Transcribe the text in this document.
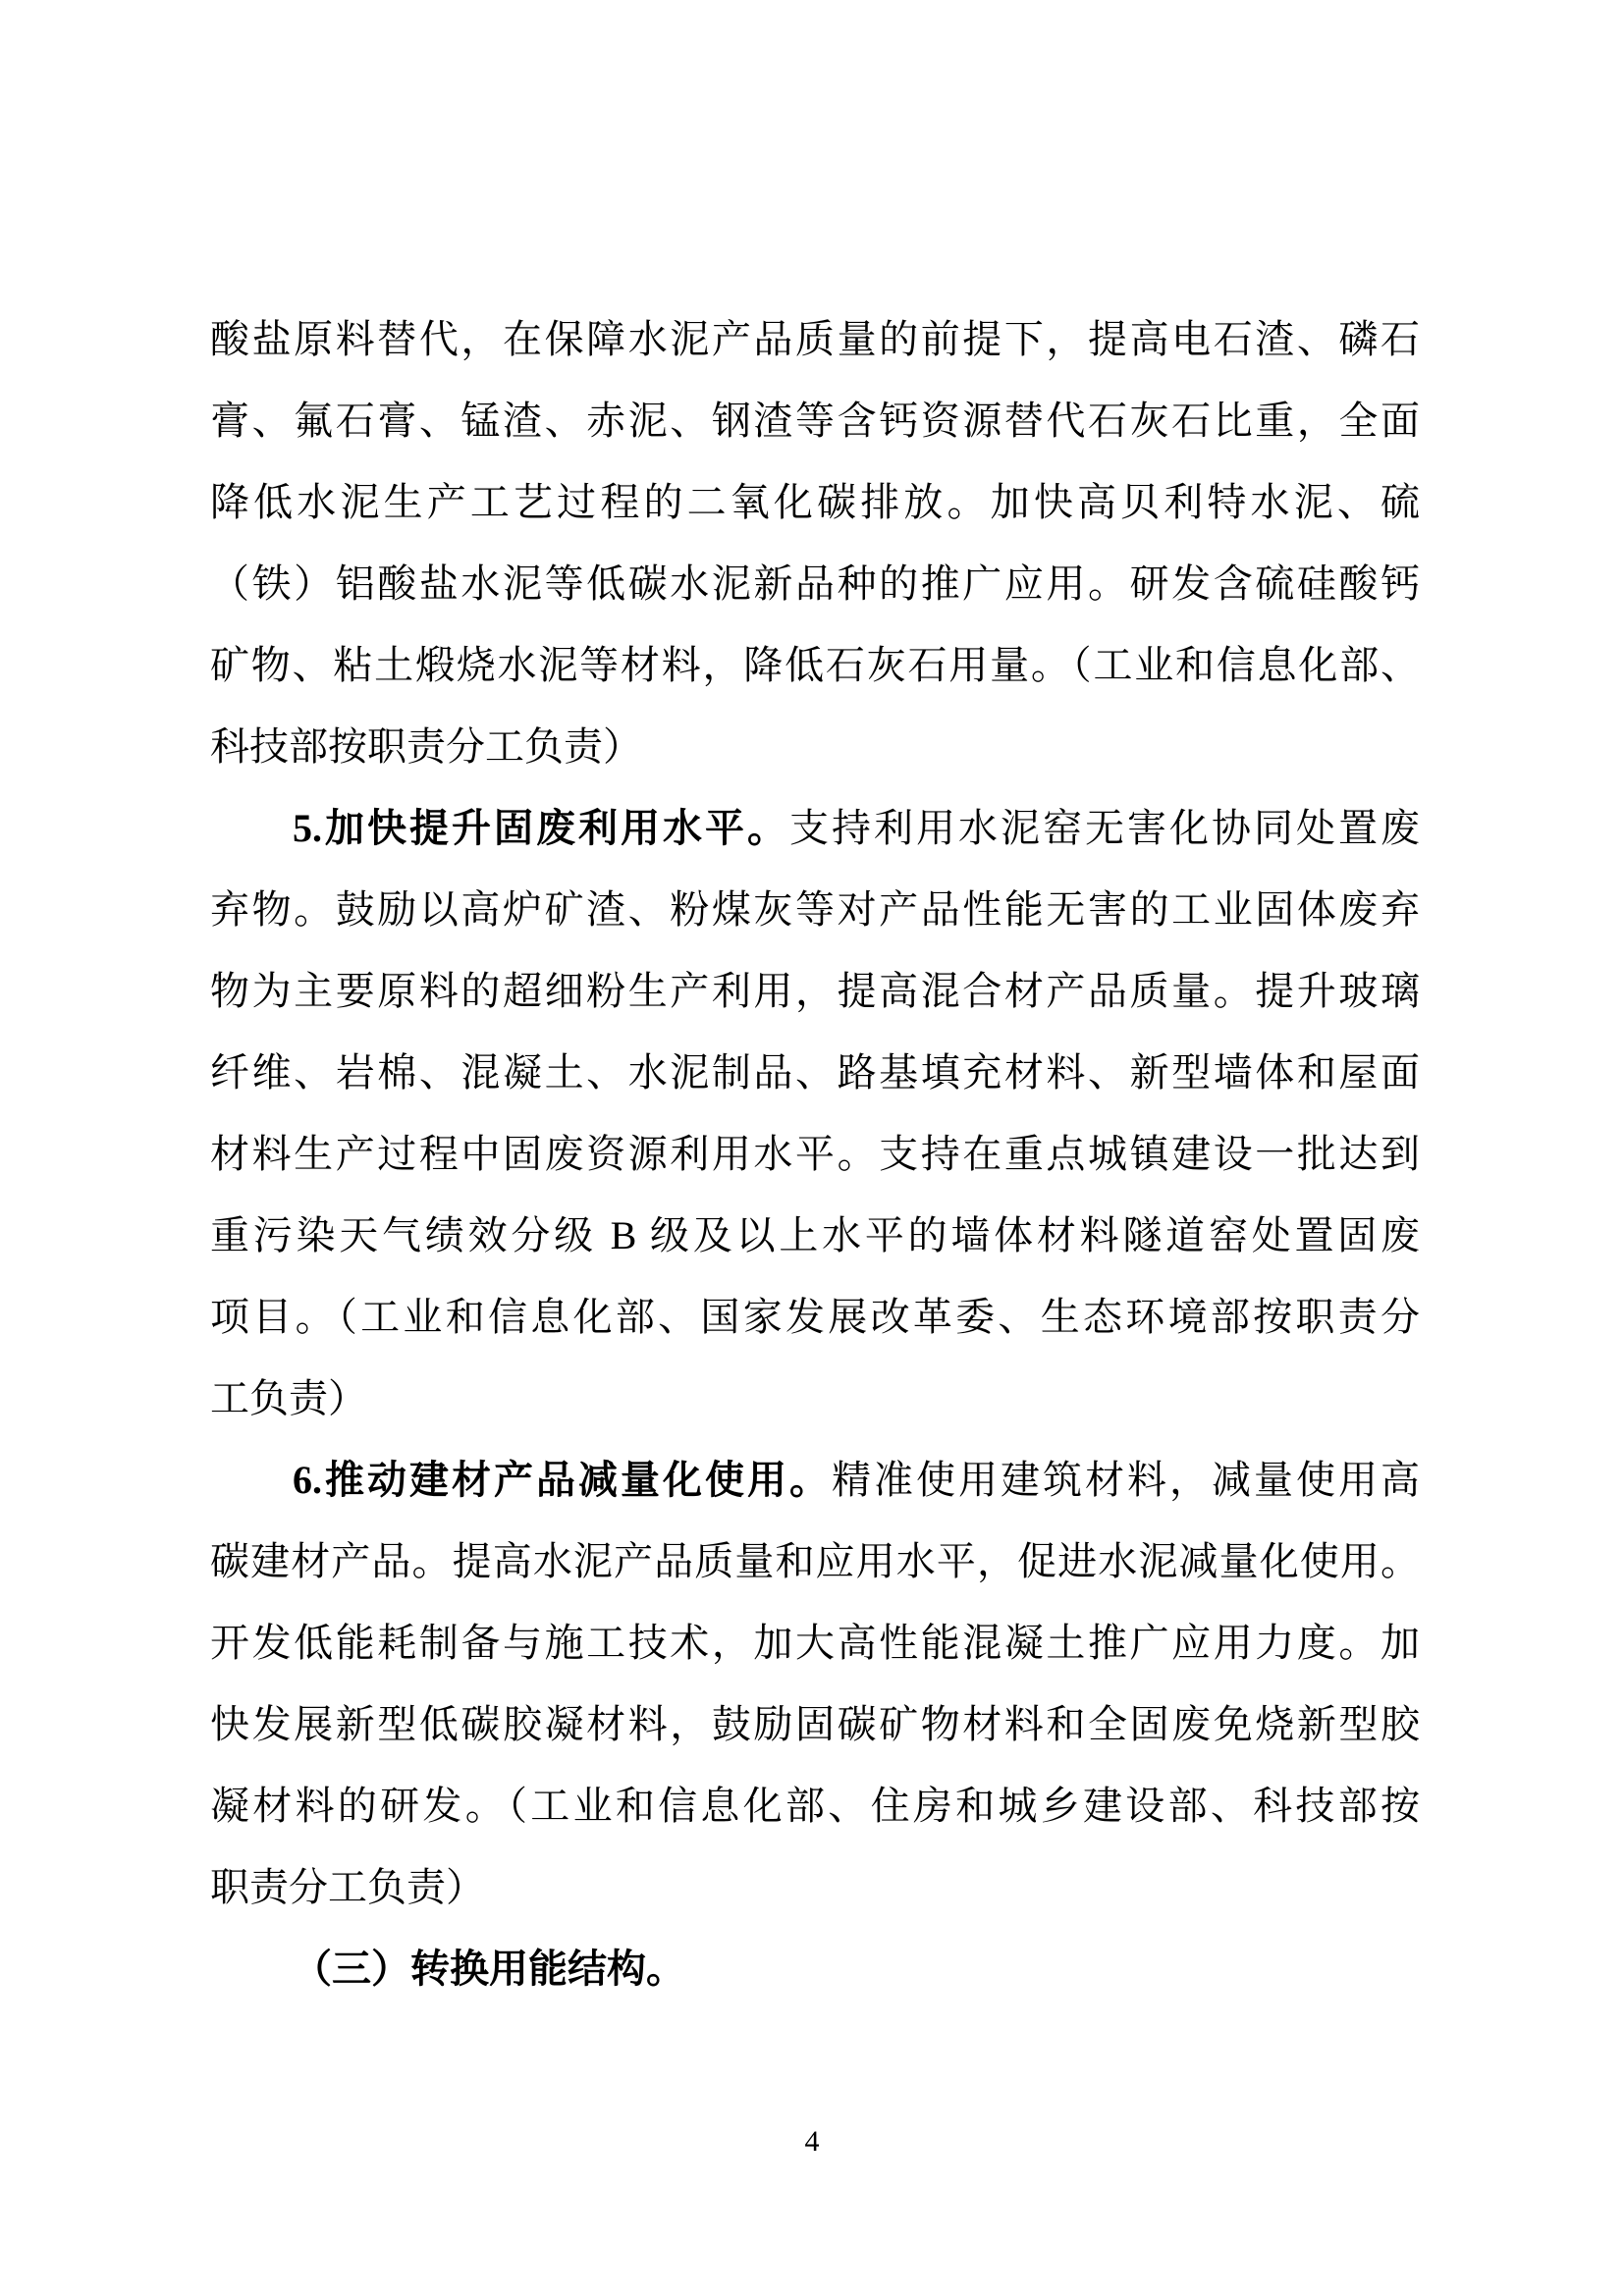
酸盐原料替代，在保障水泥产品质量的前提下，提高电石渣、磷石
膏、氟石膏、锰渣、赤泥、钢渣等含钙资源替代石灰石比重，全面
降低水泥生产工艺过程的二氧化碳排放。加快高贝利特水泥、硫
（铁）铝酸盐水泥等低碳水泥新品种的推广应用。研发含硫硅酸钙
矿物、粘土煅烧水泥等材料，降低石灰石用量。（工业和信息化部、
科技部按职责分工负责）
5.加快提升固废利用水平。支持利用水泥窑无害化协同处置废
弃物。鼓励以高炉矿渣、粉煤灰等对产品性能无害的工业固体废弃
物为主要原料的超细粉生产利用，提高混合材产品质量。提升玻璃
纤维、岩棉、混凝土、水泥制品、路基填充材料、新型墙体和屋面
材料生产过程中固废资源利用水平。支持在重点城镇建设一批达到
重污染天气绩效分级 B 级及以上水平的墙体材料隧道窑处置固废
项目。（工业和信息化部、国家发展改革委、生态环境部按职责分
工负责）
6.推动建材产品减量化使用。精准使用建筑材料，减量使用高
碳建材产品。提高水泥产品质量和应用水平，促进水泥减量化使用。
开发低能耗制备与施工技术，加大高性能混凝土推广应用力度。加
快发展新型低碳胶凝材料，鼓励固碳矿物材料和全固废免烧新型胶
凝材料的研发。（工业和信息化部、住房和城乡建设部、科技部按
职责分工负责）
（三）转换用能结构。
4
